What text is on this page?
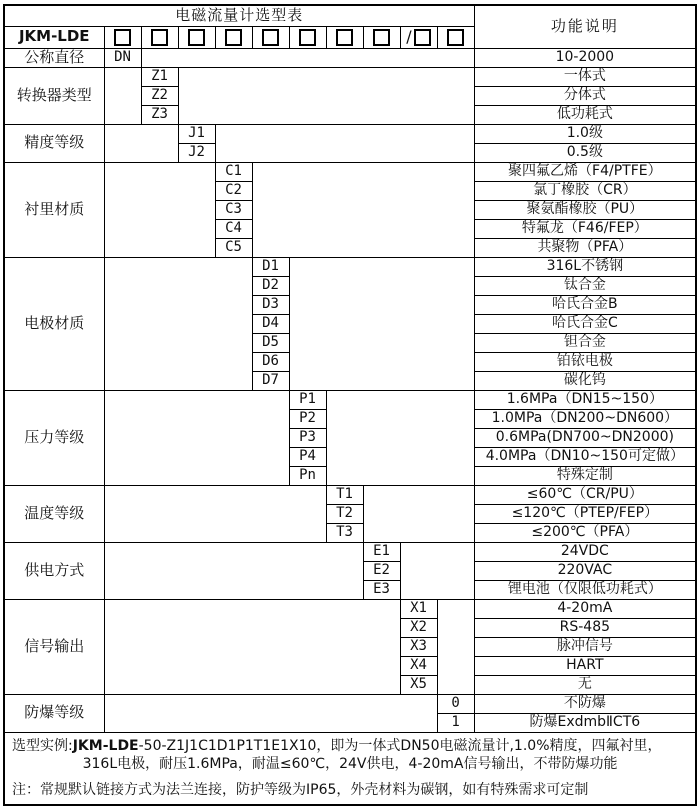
电磁流量计选型表											功能说明
JKM-LDE									/		
公称直径	DN										10-2000
转换器类型		Z1									一体式
		Z2									分体式
		Z3									低功耗式
精度等级			J1								1.0级
			J2								0.5级
衬里材质				C1							聚四氟乙烯（F4/PTFE）
				C2							氯丁橡胶（CR）
				C3							聚氨酯橡胶（PU）
				C4							特氟龙（F46/FEP）
				C5							共聚物（PFA）
电极材质					D1						316L不锈钢
					D2						钛合金
					D3						哈氏合金B
					D4						哈氏合金C
					D5						钽合金
					D6						铂铱电极
					D7						碳化钨
压力等级						P1					1.6MPa（DN15~150）
						P2					1.0MPa（DN200~DN600）
						P3					0.6MPa(DN700~DN2000)
						P4					4.0MPa（DN10~150可定做）
						Pn					特殊定制
温度等级							T1				≤60℃（CR/PU）
							T2				≤120℃（PTEP/FEP）
							T3				≤200℃（PFA）
供电方式								E1			24VDC
								E2			220VAC
								E3			锂电池（仅限低功耗式）
信号输出									X1		4-20mA
									X2		RS-485
									X3		脉冲信号
									X4		HART
									X5		无
防爆等级										0	不防爆
										1	防爆ExdmbⅡCT6

选型实例:JKM-LDE-50-Z1J1C1D1P1T1E1X10，即为一体式DN50电磁流量计,1.0%精度，四氟衬里，
316L电极，耐压1.6MPa，耐温≤60℃，24V供电，4-20mA信号输出，不带防爆功能
注：常规默认链接方式为法兰连接，防护等级为IP65，外壳材料为碳钢，如有特殊需求可定制											
